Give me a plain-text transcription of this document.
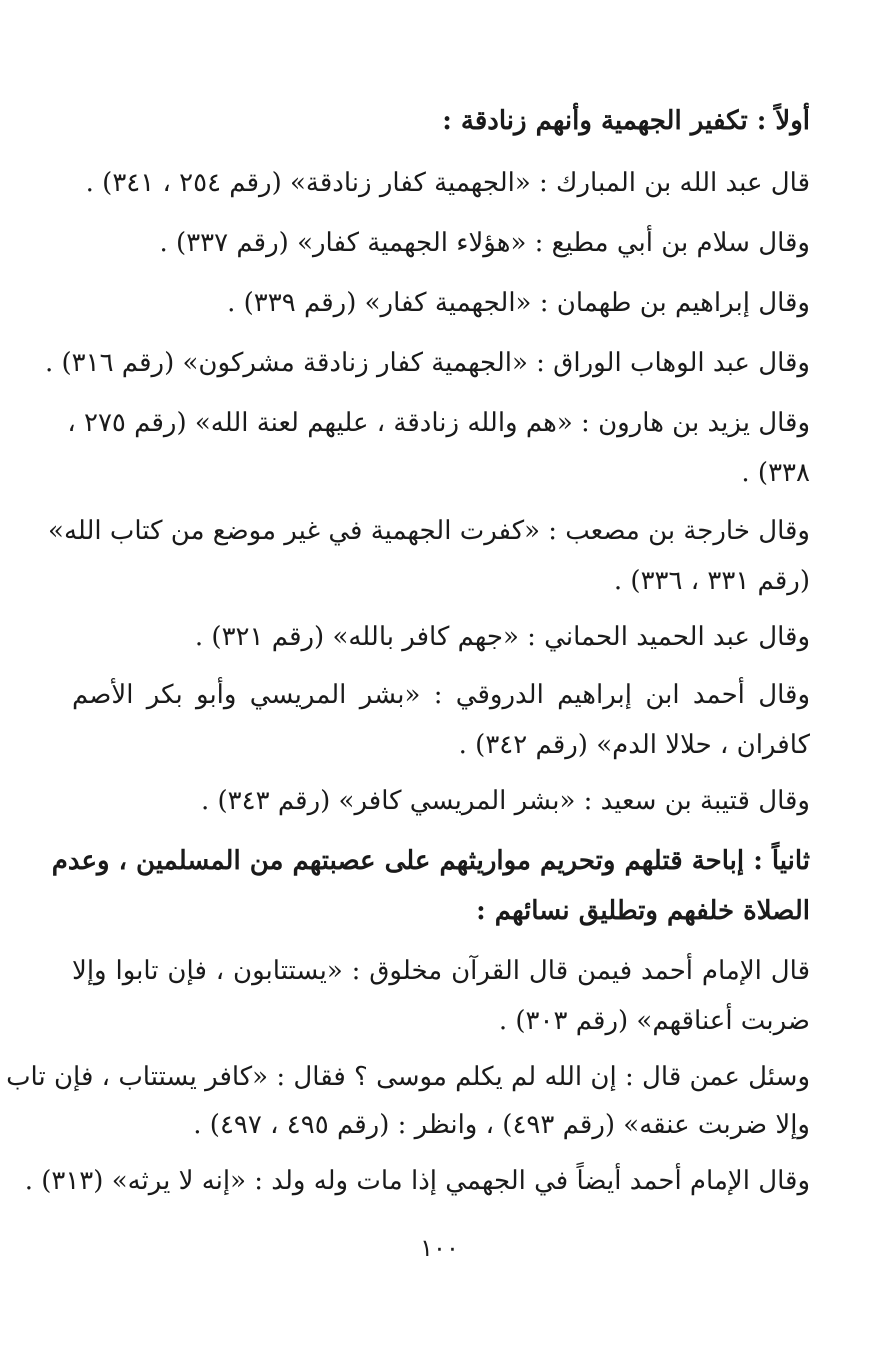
أولاً : تكفير الجهمية وأنهم زنادقة :
قال عبد الله بن المبارك : «الجهمية كفار زنادقة» (رقم ٢٥٤ ، ٣٤١) .
وقال سلام بن أبي مطيع : «هؤلاء الجهمية كفار» (رقم ٣٣٧) .
وقال إبراهيم بن طهمان : «الجهمية كفار» (رقم ٣٣٩) .
وقال عبد الوهاب الوراق : «الجهمية كفار زنادقة مشركون» (رقم ٣١٦) .
وقال يزيد بن هارون : «هم والله زنادقة ، عليهم لعنة الله» (رقم ٢٧٥ ،
٣٣٨) .
وقال خارجة بن مصعب : «كفرت الجهمية في غير موضع من كتاب الله»
(رقم ٣٣١ ، ٣٣٦) .
وقال عبد الحميد الحماني : «جهم كافر بالله» (رقم ٣٢١) .
وقال أحمد ابن إبراهيم الدروقي : «بشر المريسي وأبو بكر الأصم
كافران ، حلالا الدم» (رقم ٣٤٢) .
وقال قتيبة بن سعيد : «بشر المريسي كافر» (رقم ٣٤٣) .
ثانياً : إباحة قتلهم وتحريم مواريثهم على عصبتهم من المسلمين ، وعدم
الصلاة خلفهم وتطليق نسائهم :
قال الإمام أحمد فيمن قال القرآن مخلوق : «يستتابون ، فإن تابوا وإلا
ضربت أعناقهم» (رقم ٣٠٣) .
وسئل عمن قال : إن الله لم يكلم موسى ؟ فقال : «كافر يستتاب ، فإن تاب
وإلا ضربت عنقه» (رقم ٤٩٣) ، وانظر : (رقم ٤٩٥ ، ٤٩٧) .
وقال الإمام أحمد أيضاً في الجهمي إذا مات وله ولد : «إنه لا يرثه» (٣١٣) .
١٠٠
